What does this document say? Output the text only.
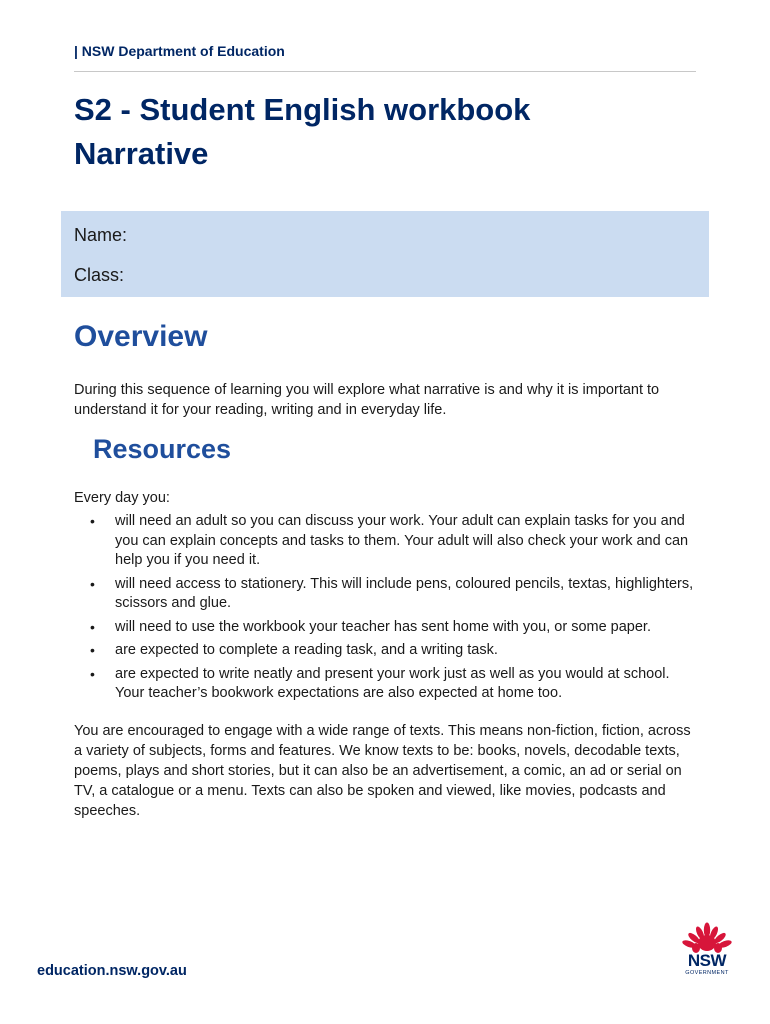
| NSW Department of Education
S2 - Student English workbook
Narrative
Name:
Class:
Overview

During this sequence of learning you will explore what narrative is and why it is important to understand it for your reading, writing and in everyday life.

Resources

Every day you:

• will need an adult so you can discuss your work. Your adult can explain tasks for you and you can explain concepts and tasks to them. Your adult will also check your work and can help you if you need it.
• will need access to stationery. This will include pens, coloured pencils, textas, highlighters, scissors and glue.
• will need to use the workbook your teacher has sent home with you, or some paper.
• are expected to complete a reading task, and a writing task.
• are expected to write neatly and present your work just as well as you would at school. Your teacher’s bookwork expectations are also expected at home too.

You are encouraged to engage with a wide range of texts. This means non-fiction, fiction, across a variety of subjects, forms and features. We know texts to be: books, novels, decodable texts, poems, plays and short stories, but it can also be an advertisement, a comic, an ad or serial on TV, a catalogue or a menu. Texts can also be spoken and viewed, like movies, podcasts and speeches.

education.nsw.gov.au
NSW
GOVERNMENT
